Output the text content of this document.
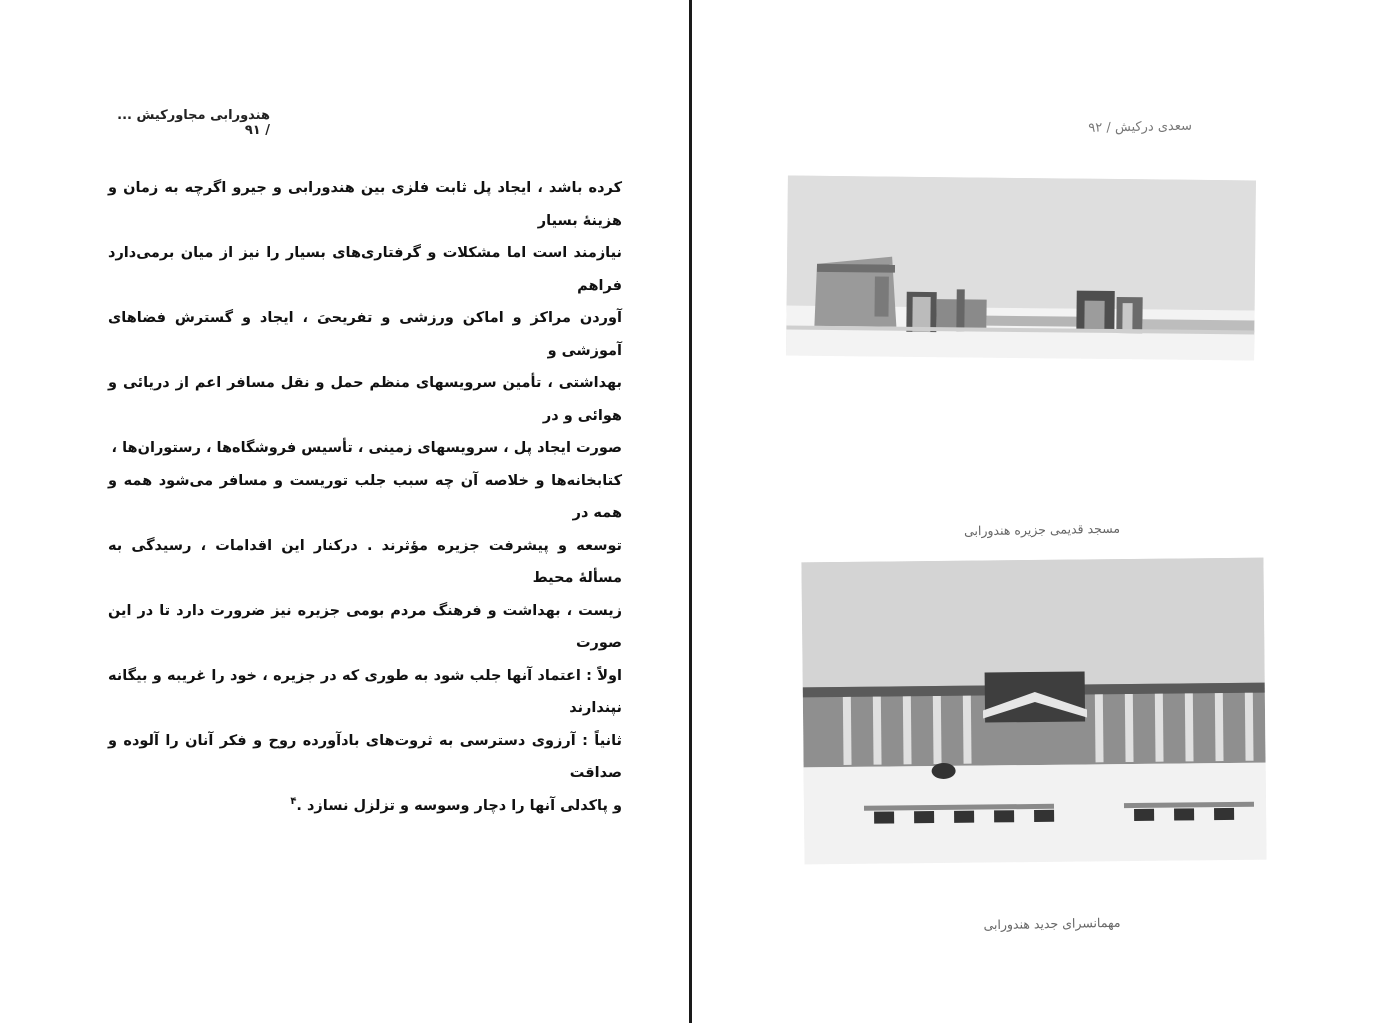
هندورابی مجاورکیش ... / ۹۱

کرده باشد ، ایجاد پل ثابت فلزی بین هندورابی و جیرو اگرچه به زمان و هزینهٔ بسیار

نیازمند است اما مشکلات و گرفتاری‌های بسیار را نیز از میان برمی‌دارد فراهم

آوردن مراکز و اماکن ورزشی و تفریحیَ ، ایجاد و گسترش فضاهای آموزشی و

بهداشتی ، تأمین سرویسهای منظم حمل و نقل مسافر اعم از دریائی و هوائی و در

صورت ایجاد پل ، سرویسهای زمینی ، تأسیس فروشگاه‌ها ، رستوران‌ها ،

کتابخانه‌ها و خلاصه آن چه سبب جلب توریست و مسافر می‌شود همه و همه در

توسعه و پیشرفت جزیره مؤثرند . درکنار این اقدامات ، رسیدگی به مسألهٔ محیط

زیست ، بهداشت و فرهنگ مردم بومی جزیره نیز ضرورت دارد تا در این صورت

اولاً : اعتماد آنها جلب شود به طوری که در جزیره ، خود را غریبه و بیگانه نپندارند

ثانیاً : آرزوی دسترسی به ثروت‌های بادآورده روح و فکر آنان را آلوده و صداقت

و پاکدلی آنها را دچار وسوسه و تزلزل نسازد .$^۴$

سعدی درکیش / ۹۲
مسجد قدیمی جزیره هندورابی
مهمانسرای جدید هندورابی
